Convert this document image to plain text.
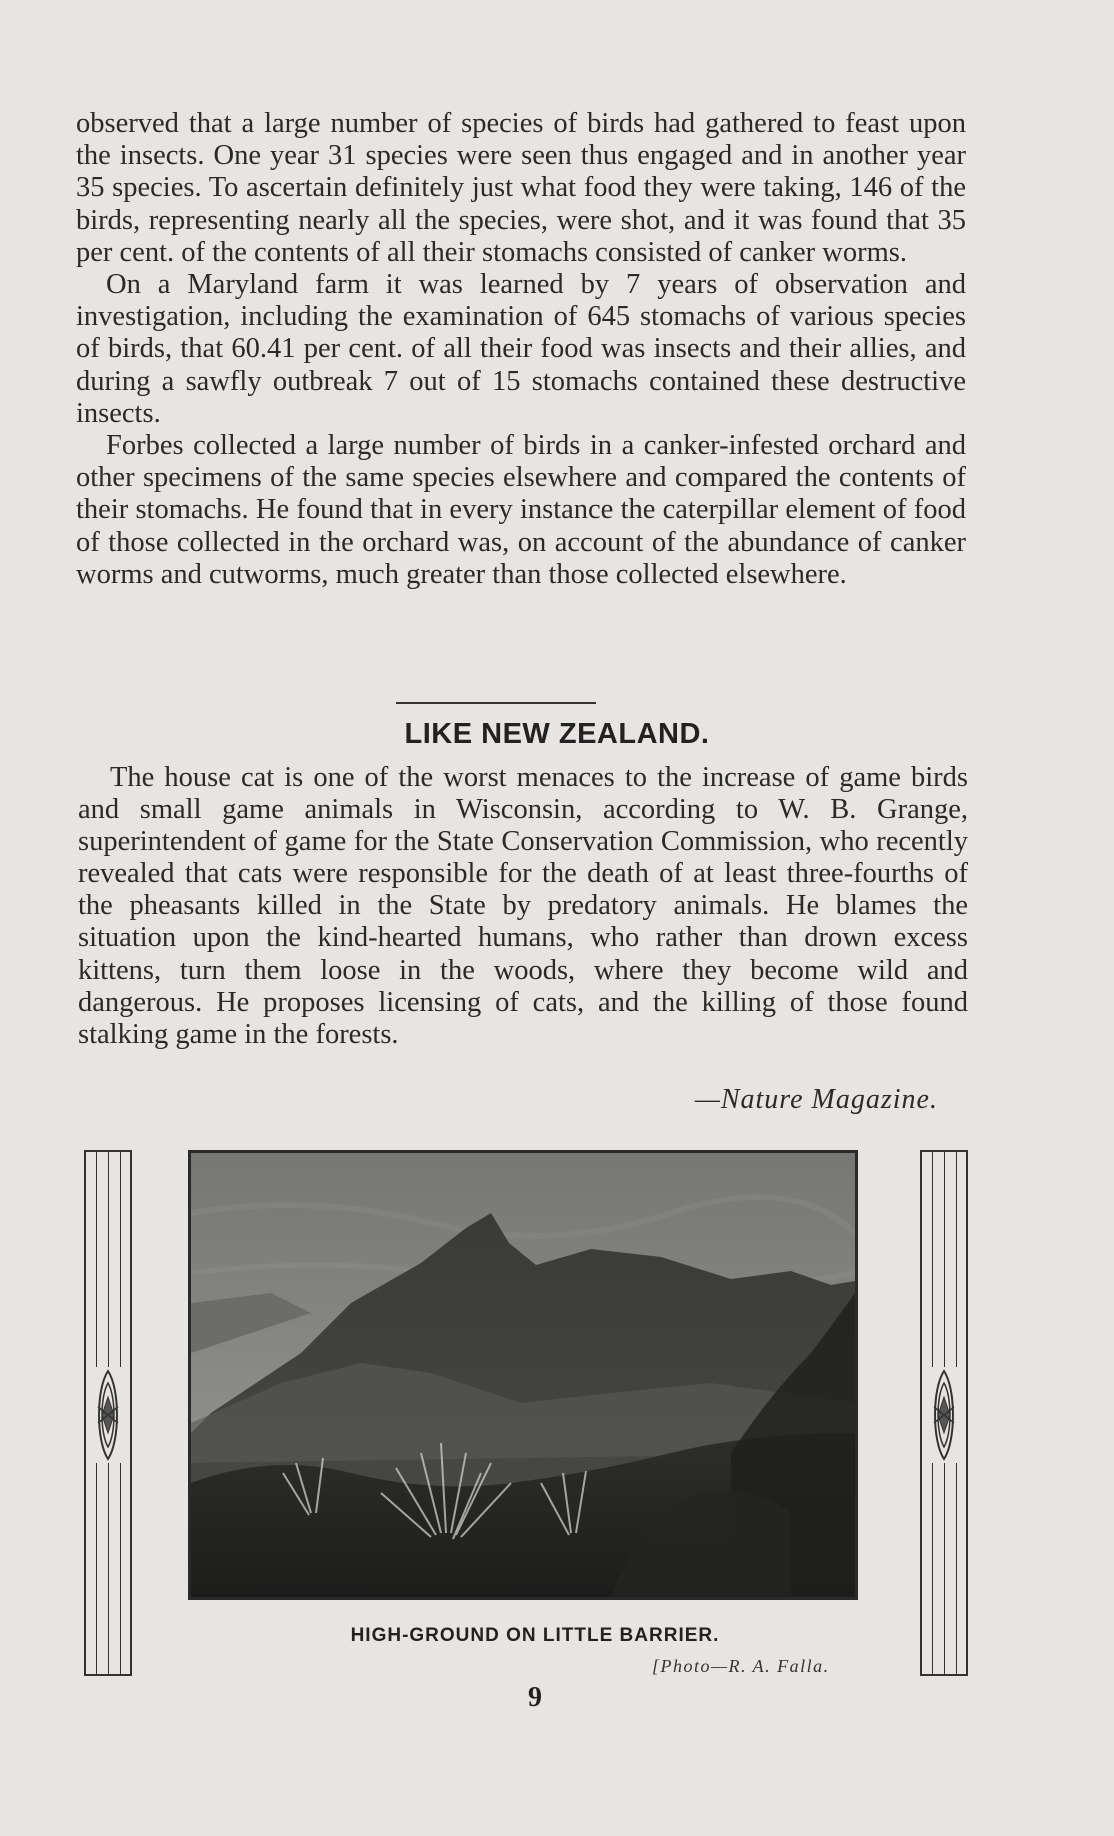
observed that a large number of species of birds had gathered to feast upon the insects. One year 31 species were seen thus engaged and in another year 35 species. To ascertain definitely just what food they were taking, 146 of the birds, representing nearly all the species, were shot, and it was found that 35 per cent. of the contents of all their stomachs consisted of canker worms.

On a Maryland farm it was learned by 7 years of observation and investigation, including the examination of 645 stomachs of various species of birds, that 60.41 per cent. of all their food was insects and their allies, and during a sawfly outbreak 7 out of 15 stomachs contained these destructive insects.

Forbes collected a large number of birds in a canker-infested orchard and other specimens of the same species elsewhere and compared the contents of their stomachs. He found that in every instance the caterpillar element of food of those collected in the orchard was, on account of the abundance of canker worms and cutworms, much greater than those collected elsewhere.

LIKE NEW ZEALAND.

The house cat is one of the worst menaces to the increase of game birds and small game animals in Wisconsin, according to W. B. Grange, superintendent of game for the State Conservation Commission, who recently revealed that cats were responsible for the death of at least three-fourths of the pheasants killed in the State by predatory animals. He blames the situation upon the kind-hearted humans, who rather than drown excess kittens, turn them loose in the woods, where they become wild and dangerous. He proposes licensing of cats, and the killing of those found stalking game in the forests.

—Nature Magazine.
HIGH-GROUND ON LITTLE BARRIER.
[Photo—R. A. Falla.
9
